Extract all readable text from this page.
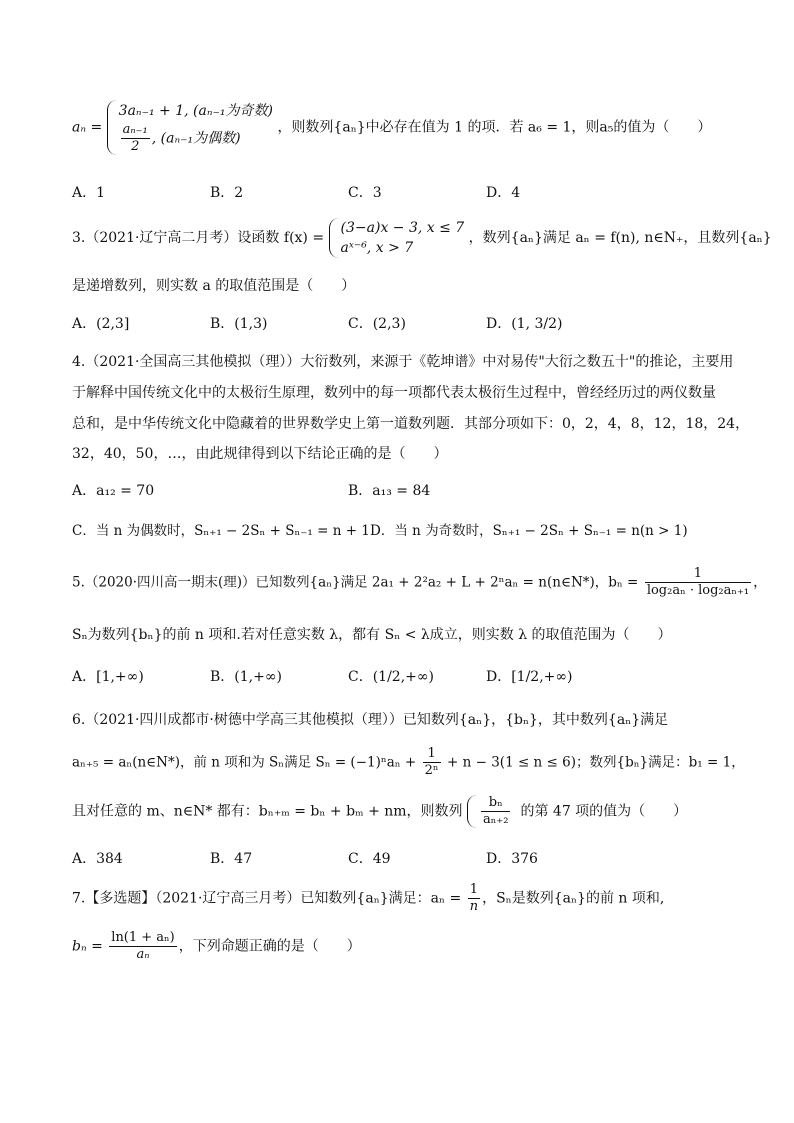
aₙ =
3aₙ₋₁ + 1, (aₙ₋₁为奇数)
$\frac{\text{aₙ₋₁}}{2}$ , (aₙ₋₁为偶数)
，则数列{aₙ}中必存在值为 1 的项．若 a₆ = 1，则a₅的值为（　　）
A．1	B．2	C．3	D．4
3.（2021·辽宁高二月考）设函数 f(x) =
(3−a)x − 3, x ≤ 7
aˣ⁻⁶, x > 7
，数列{aₙ}满足 aₙ = f(n), n∈N₊，且数列{aₙ}
是递增数列，则实数 a 的取值范围是（　　）
A．(2,3]	B．(1,3)	C．(2,3)	D．(1, 3/2)
4.（2021·全国高三其他模拟（理））大衍数列，来源于《乾坤谱》中对易传"大衍之数五十"的推论，主要用
于解释中国传统文化中的太极衍生原理，数列中的每一项都代表太极衍生过程中，曾经经历过的两仪数量
总和，是中华传统文化中隐藏着的世界数学史上第一道数列题．其部分项如下：0，2，4，8，12，18，24，
32，40，50，…，由此规律得到以下结论正确的是（　　）
A．a₁₂ = 70	B．a₁₃ = 84
C．当 n 为偶数时，Sₙ₊₁ − 2Sₙ + Sₙ₋₁ = n + 1 D．当 n 为奇数时，Sₙ₊₁ − 2Sₙ + Sₙ₋₁ = n(n > 1)
5.（2020·四川高一期末(理)）已知数列{aₙ}满足 2a₁ + 2²a₂ + L + 2ⁿaₙ = n(n∈N*)，$b_n = \frac{1}{\text{log₂aₙ · log₂aₙ₊₁}}$ ，
Sₙ为数列{bₙ}的前 n 项和.若对任意实数 λ，都有 Sₙ < λ成立，则实数 λ 的取值范围为（　　）
A．[1,+∞)	B．(1,+∞)	C．(1/2,+∞)	D．[1/2,+∞)
6.（2021·四川成都市·树德中学高三其他模拟（理））已知数列{aₙ}，{bₙ}，其中数列{aₙ}满足
aₙ₊₅ = aₙ(n∈N*)，前 n 项和为 Sₙ满足 $S_n = (-1)^na_n + \frac{1}{\text{2ⁿ}} + n - 3(1 \le n \le 6)$；数列{bₙ}满足：b₁ = 1，
且对任意的 m、n∈N* 都有：bₙ₊ₘ = bₙ + bₘ + nm，则数列 $\frac{\text{bₙ}}{\text{aₙ₊₂}}$ 的第 47 项的值为（　　）
A．384	B．47	C．49	D．376
7.【多选题】（2021·辽宁高三月考）已知数列{aₙ}满足：$a_n = \frac{1}{n}$ ，Sₙ是数列{aₙ}的前 n 项和,
$b_n = \frac{\text{ln(1 + aₙ)}}{\text{aₙ}}$ ，下列命题正确的是（　　）
